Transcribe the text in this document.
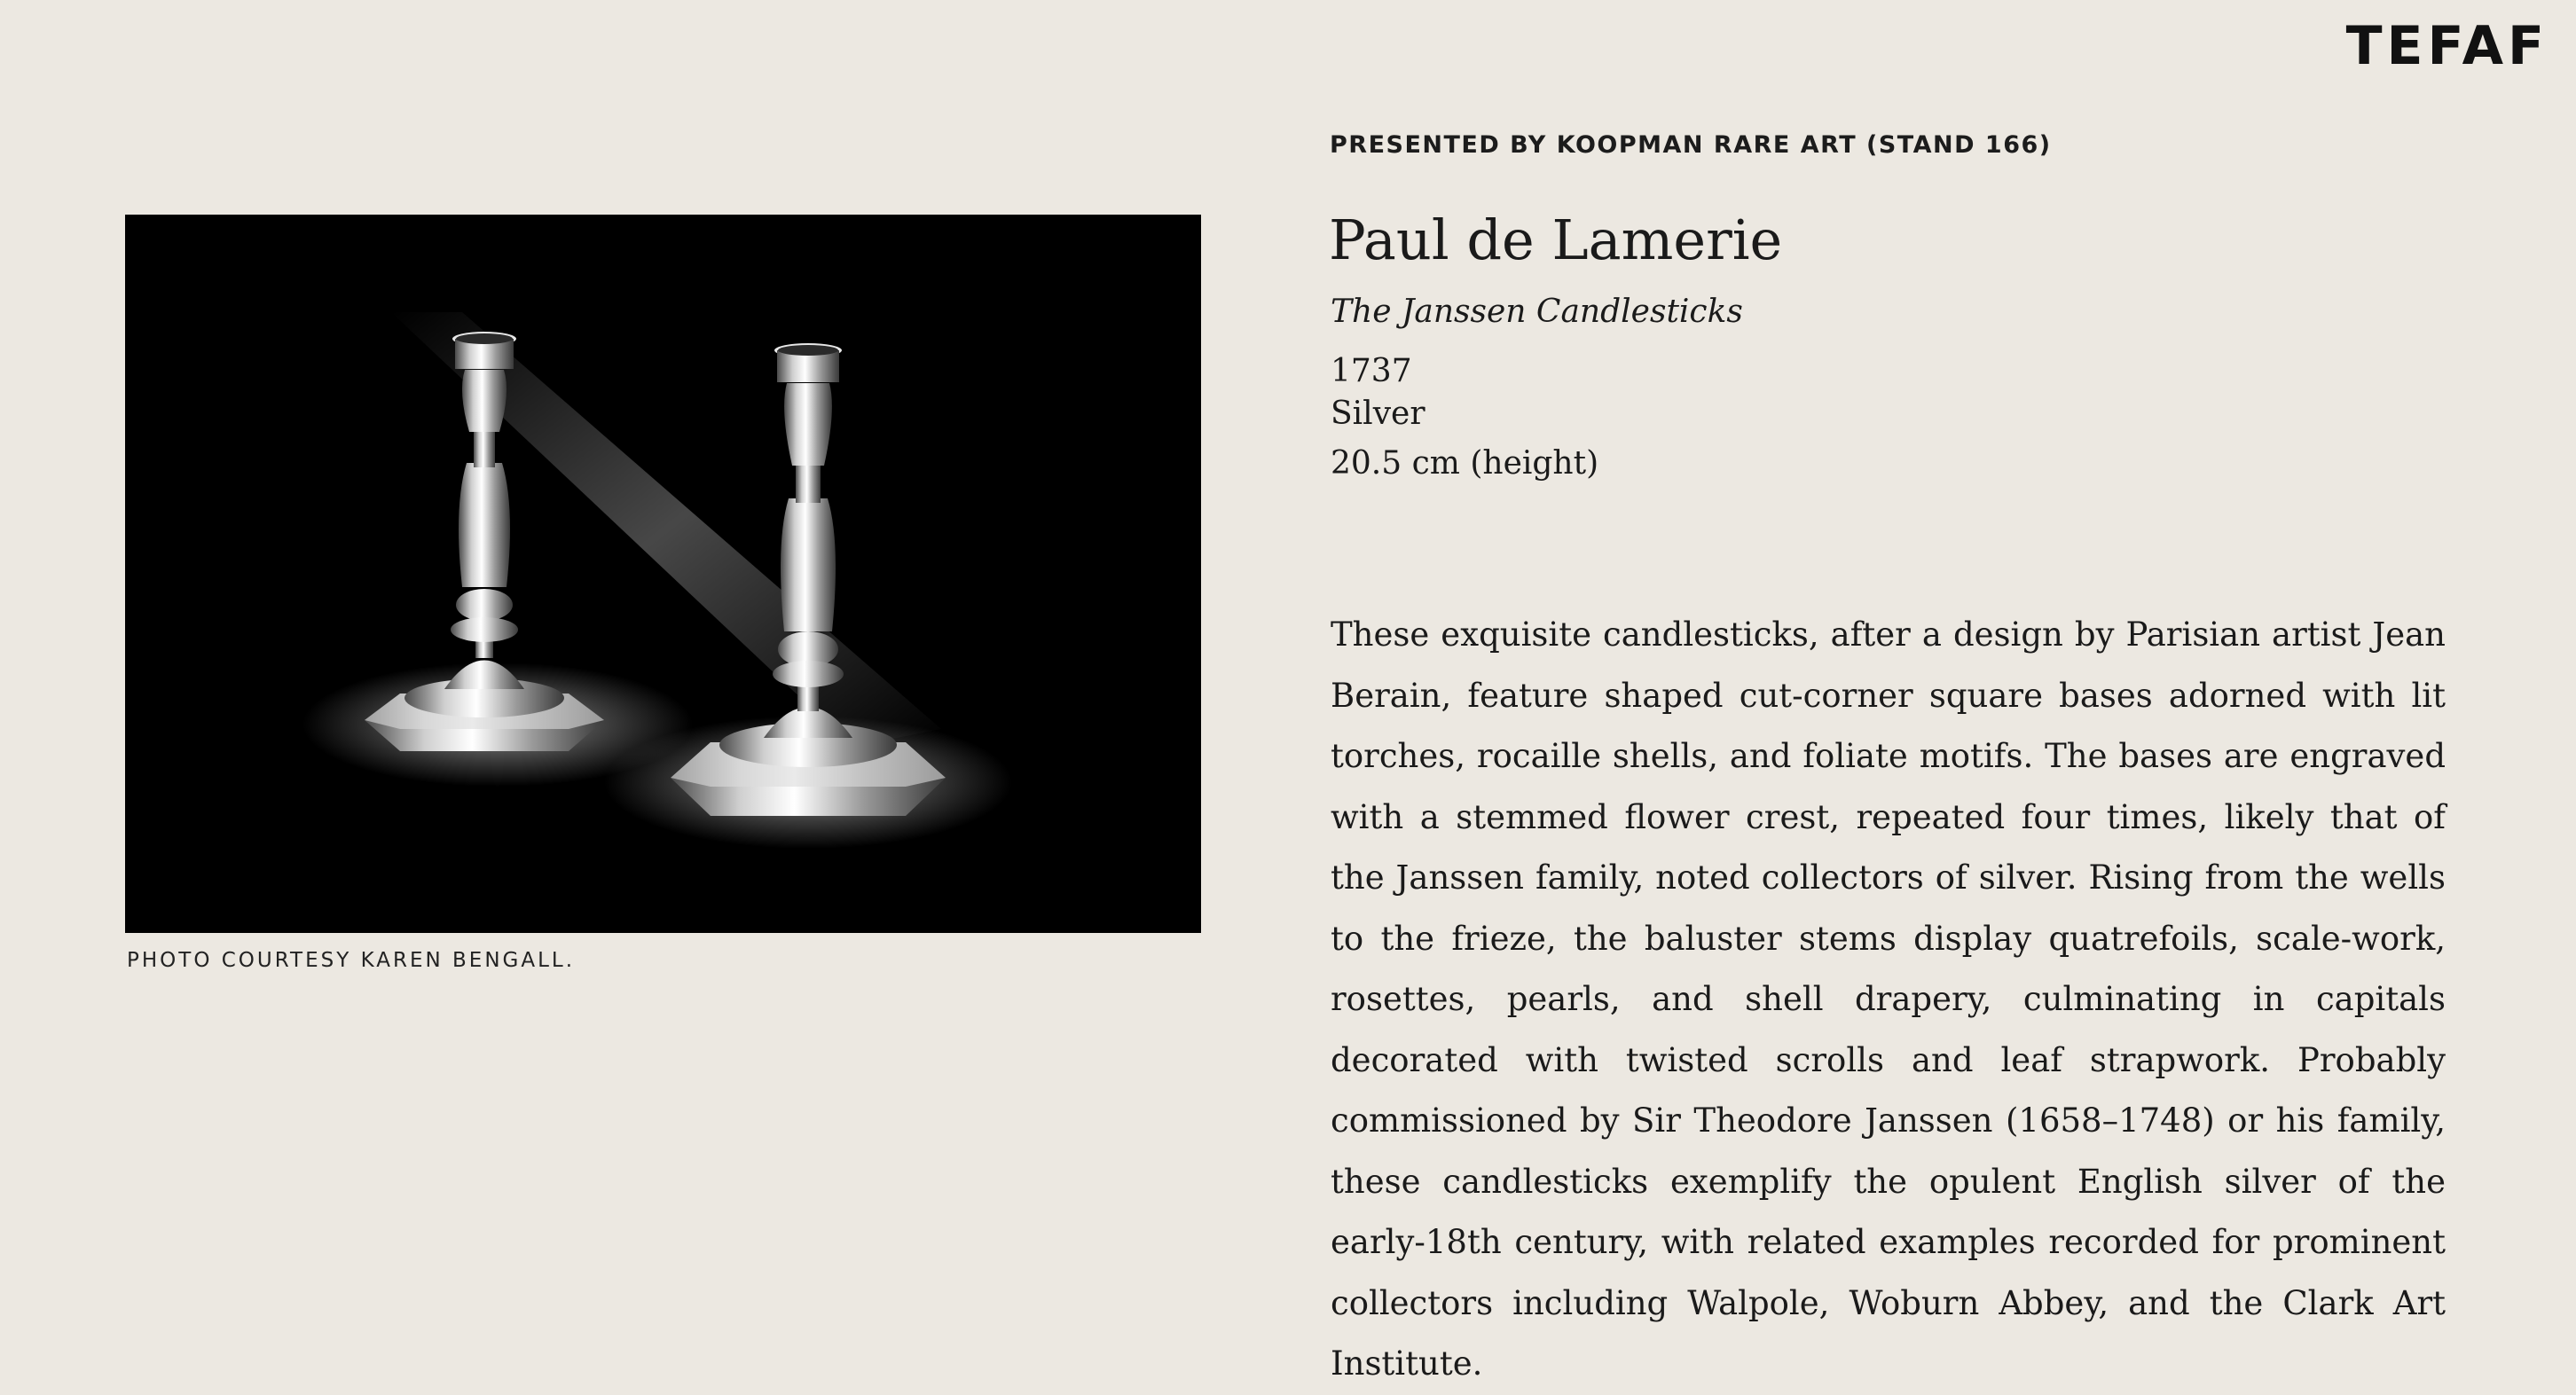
TEFAF
PHOTO COURTESY KAREN BENGALL.
PRESENTED BY KOOPMAN RARE ART (STAND 166)
Paul de Lamerie
The Janssen Candlesticks
1737
Silver
20.5 cm (height)

These exquisite candlesticks, after a design by Parisian artist Jean Berain, feature shaped cut-corner square bases adorned with lit torches, rocaille shells, and foliate motifs. The bases are engraved with a stemmed flower crest, repeated four times, likely that of the Janssen family, noted collectors of silver. Rising from the wells to the frieze, the baluster stems display quatrefoils, scale-work, rosettes, pearls, and shell drapery, culminating in capitals decorated with twisted scrolls and leaf strapwork. Probably commissioned by Sir Theodore Janssen (1658–1748) or his family, these candlesticks exemplify the opulent English silver of the early-18th century, with related examples recorded for prominent collectors including Walpole, Woburn Abbey, and the Clark Art Institute.
